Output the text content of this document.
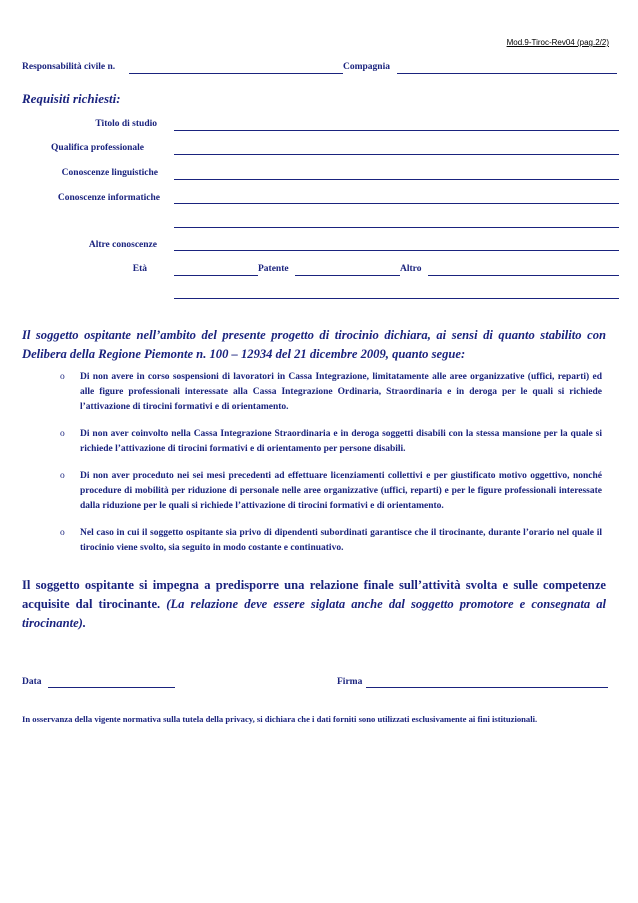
Mod.9-Tiroc-Rev04 (pag.2/2)
Responsabilità civile n.	Compagnia
Requisiti richiesti:
Titolo di studio
Qualifica professionale
Conoscenze linguistiche
Conoscenze informatiche
Altre conoscenze
Età	Patente	Altro
Il soggetto ospitante nell’ambito del presente progetto di tirocinio dichiara, ai sensi di quanto stabilito con Delibera della Regione Piemonte n. 100 – 12934 del 21 dicembre 2009, quanto segue:
o Di non avere in corso sospensioni di lavoratori in Cassa Integrazione, limitatamente alle aree organizzative (uffici, reparti) ed alle figure professionali interessate alla Cassa Integrazione Ordinaria, Straordinaria e in deroga per le quali si richiede l’attivazione di tirocini formativi e di orientamento.
o Di non aver coinvolto nella Cassa Integrazione Straordinaria e in deroga soggetti disabili con la stessa mansione per la quale si richiede l’attivazione di tirocini formativi e di orientamento per persone disabili.
o Di non aver proceduto nei sei mesi precedenti ad effettuare licenziamenti collettivi e per giustificato motivo oggettivo, nonché procedure di mobilità per riduzione di personale nelle aree organizzative (uffici, reparti) e per le figure professionali interessate dalla riduzione per le quali si richiede l’attivazione di tirocini formativi e di orientamento.
o Nel caso in cui il soggetto ospitante sia privo di dipendenti subordinati garantisce che il tirocinante, durante l’orario nel quale il tirocinio viene svolto, sia seguito in modo costante e continuativo.
Il soggetto ospitante si impegna a predisporre una relazione finale sull’attività svolta e sulle competenze acquisite dal tirocinante. (La relazione deve essere siglata anche dal soggetto promotore e consegnata al tirocinante).
Data	Firma
In osservanza della vigente normativa sulla tutela della privacy, si dichiara che i dati forniti sono utilizzati esclusivamente ai fini istituzionali.
